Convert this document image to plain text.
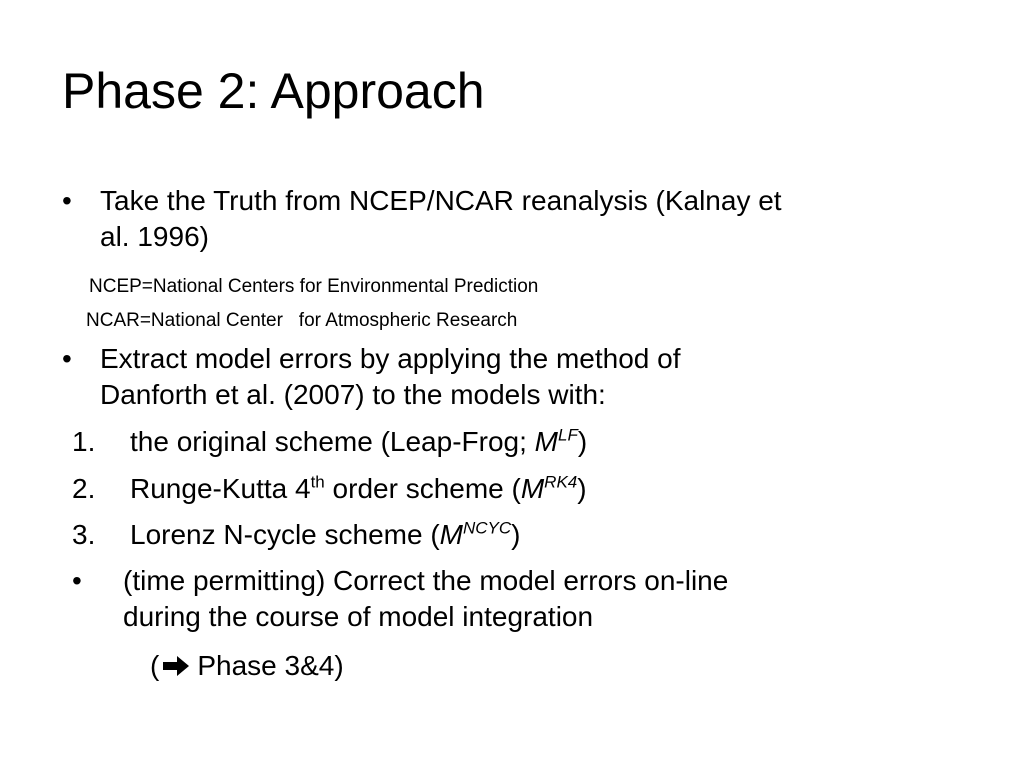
Phase 2: Approach
• Take the Truth from NCEP/NCAR reanalysis (Kalnay et
al. 1996)
NCEP=National Centers for Environmental Prediction
NCAR=National Center   for Atmospheric Research
• Extract model errors by applying the method of
Danforth et al. (2007) to the models with:
1. the original scheme (Leap-Frog; $M^{LF}$)
2. Runge-Kutta 4th order scheme $(M^{RK4})$
3. Lorenz N-cycle scheme $(M^{NCYC})$
• (time permitting) Correct the model errors on-line
during the course of model integration
( Phase 3&4)
